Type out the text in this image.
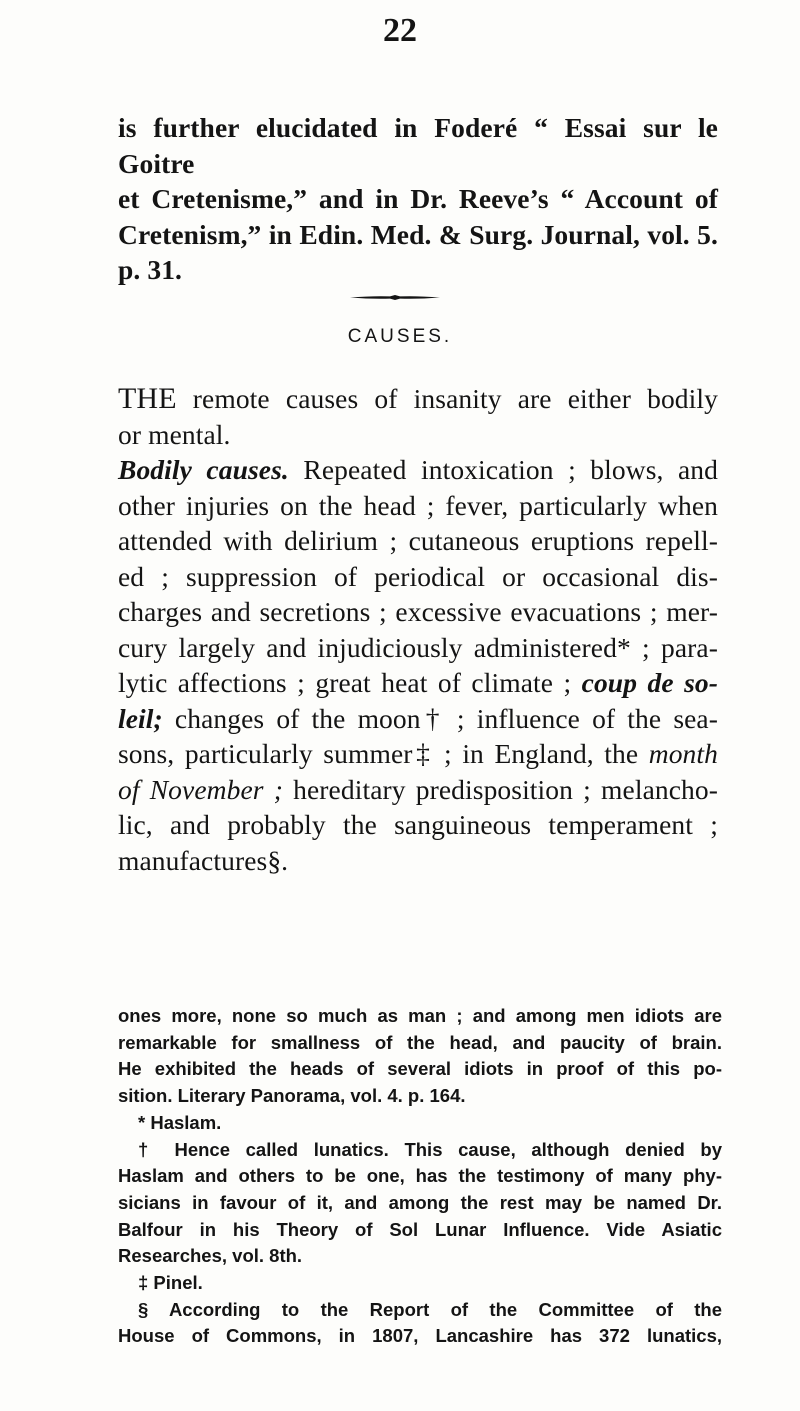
22
is further elucidated in Foderé “ Essai sur le Goitre
et Cretenisme,” and in Dr. Reeve’s “ Account of
Cretenism,” in Edin. Med. & Surg. Journal, vol. 5.
p. 31.
CAUSES.
THE remote causes of insanity are either bodily
or mental.
Bodily causes. Repeated intoxication ; blows, and
other injuries on the head ; fever, particularly when
attended with delirium ; cutaneous eruptions repell-
ed ; suppression of periodical or occasional dis-
charges and secretions ; excessive evacuations ; mer-
cury largely and injudiciously administered* ; para-
lytic affections ; great heat of climate ; coup de so-
leil; changes of the moon† ; influence of the sea-
sons, particularly summer‡ ; in England, the month
of November ; hereditary predisposition ; melancho-
lic, and probably the sanguineous temperament ;
manufactures§.
ones more, none so much as man ; and among men idiots are
remarkable for smallness of the head, and paucity of brain.
He exhibited the heads of several idiots in proof of this po-
sition. Literary Panorama, vol. 4. p. 164.
* Haslam.
† Hence called lunatics. This cause, although denied by
Haslam and others to be one, has the testimony of many phy-
sicians in favour of it, and among the rest may be named Dr.
Balfour in his Theory of Sol Lunar Influence. Vide Asiatic
Researches, vol. 8th.
‡ Pinel.
§ According to the Report of the Committee of the
House of Commons, in 1807, Lancashire has 372 lunatics,
